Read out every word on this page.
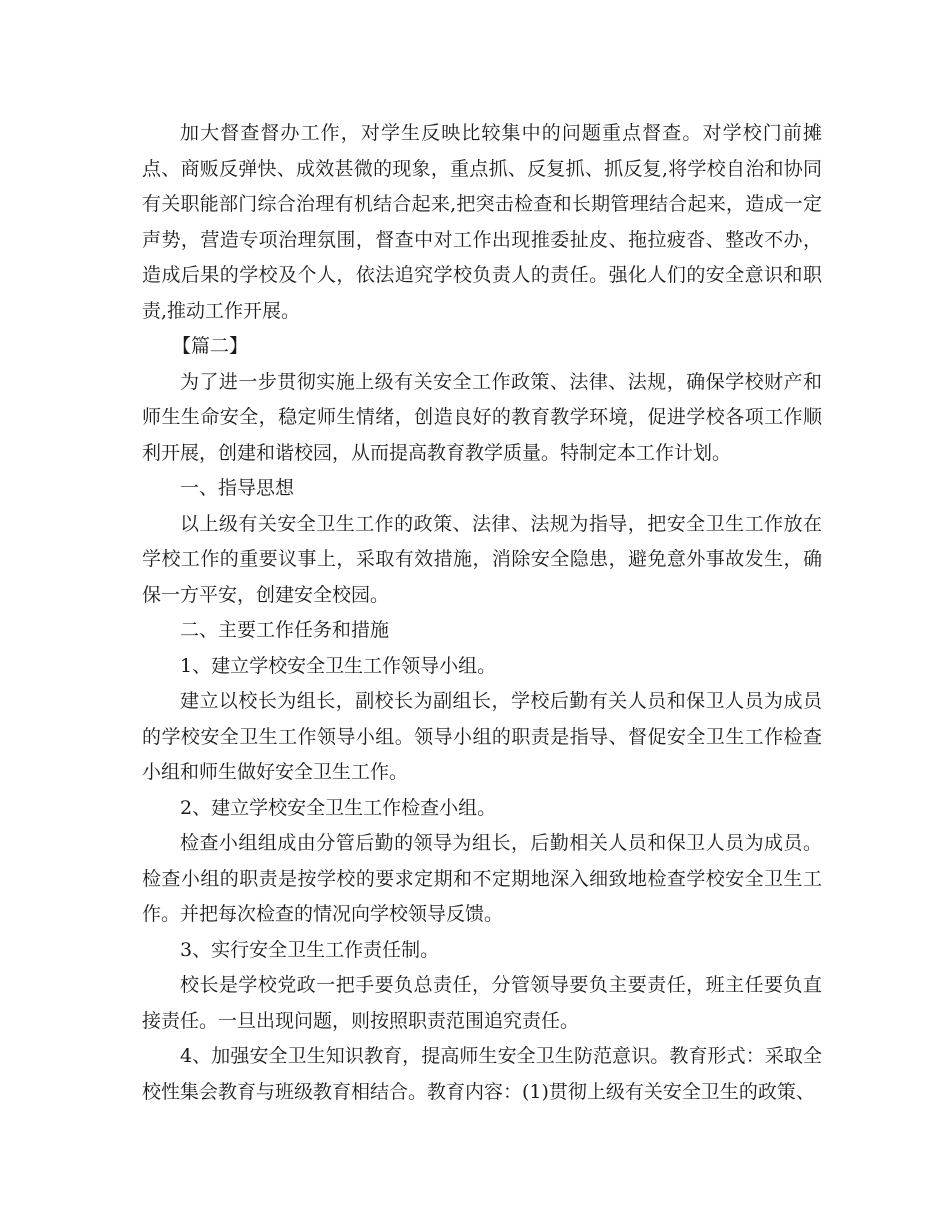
加大督查督办工作，对学生反映比较集中的问题重点督查。对学校门前摊点、商贩反弹快、成效甚微的现象，重点抓、反复抓、抓反复,将学校自治和协同有关职能部门综合治理有机结合起来,把突击检查和长期管理结合起来，造成一定声势，营造专项治理氛围，督查中对工作出现推委扯皮、拖拉疲沓、整改不办，造成后果的学校及个人，依法追究学校负责人的责任。强化人们的安全意识和职责,推动工作开展。

【篇二】

为了进一步贯彻实施上级有关安全工作政策、法律、法规，确保学校财产和师生生命安全，稳定师生情绪，创造良好的教育教学环境，促进学校各项工作顺利开展，创建和谐校园，从而提高教育教学质量。特制定本工作计划。

一、指导思想

以上级有关安全卫生工作的政策、法律、法规为指导，把安全卫生工作放在学校工作的重要议事上，采取有效措施，消除安全隐患，避免意外事故发生，确保一方平安，创建安全校园。

二、主要工作任务和措施

1、建立学校安全卫生工作领导小组。

建立以校长为组长，副校长为副组长，学校后勤有关人员和保卫人员为成员的学校安全卫生工作领导小组。领导小组的职责是指导、督促安全卫生工作检查小组和师生做好安全卫生工作。

2、建立学校安全卫生工作检查小组。

检查小组组成由分管后勤的领导为组长，后勤相关人员和保卫人员为成员。检查小组的职责是按学校的要求定期和不定期地深入细致地检查学校安全卫生工作。并把每次检查的情况向学校领导反馈。

3、实行安全卫生工作责任制。

校长是学校党政一把手要负总责任，分管领导要负主要责任，班主任要负直接责任。一旦出现问题，则按照职责范围追究责任。

4、加强安全卫生知识教育，提高师生安全卫生防范意识。教育形式：采取全校性集会教育与班级教育相结合。教育内容：(1)贯彻上级有关安全卫生的政策、
